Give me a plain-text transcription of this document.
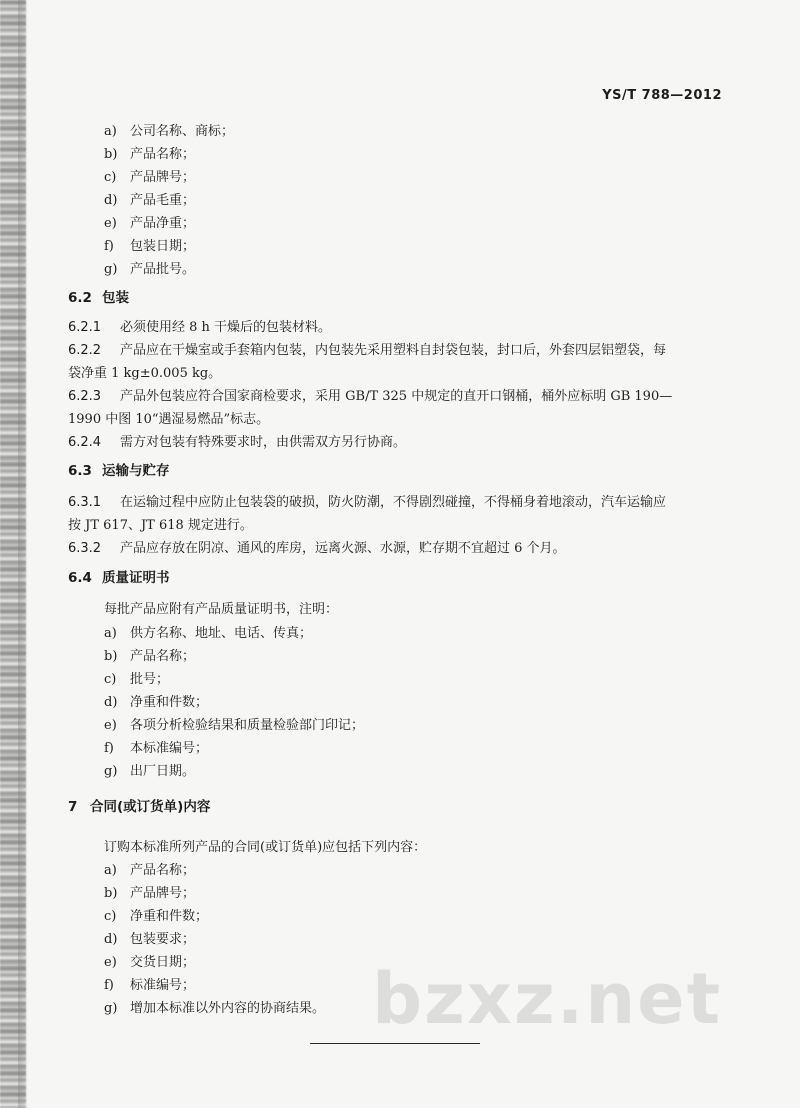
YS/T 788—2012
a) 公司名称、商标；
b) 产品名称；
c) 产品牌号；
d) 产品毛重；
e) 产品净重；
f) 包装日期；
g) 产品批号。
6.2 包装
6.2.1 必须使用经 8 h 干燥后的包装材料。
6.2.2 产品应在干燥室或手套箱内包装，内包装先采用塑料自封袋包装，封口后，外套四层铝塑袋，每
袋净重 1 kg±0.005 kg。
6.2.3 产品外包装应符合国家商检要求，采用 GB/T 325 中规定的直开口钢桶，桶外应标明 GB 190—
1990 中图 10“遇湿易燃品”标志。
6.2.4 需方对包装有特殊要求时，由供需双方另行协商。
6.3 运输与贮存
6.3.1 在运输过程中应防止包装袋的破损，防火防潮，不得剧烈碰撞，不得桶身着地滚动，汽车运输应
按 JT 617、JT 618 规定进行。
6.3.2 产品应存放在阴凉、通风的库房，远离火源、水源，贮存期不宜超过 6 个月。
6.4 质量证明书
每批产品应附有产品质量证明书，注明：
a) 供方名称、地址、电话、传真；
b) 产品名称；
c) 批号；
d) 净重和件数；
e) 各项分析检验结果和质量检验部门印记；
f) 本标准编号；
g) 出厂日期。
7 合同(或订货单)内容
订购本标准所列产品的合同(或订货单)应包括下列内容：
a) 产品名称；
b) 产品牌号；
c) 净重和件数；
d) 包装要求；
e) 交货日期；
f) 标准编号；
g) 增加本标准以外内容的协商结果。 bzxz.net
